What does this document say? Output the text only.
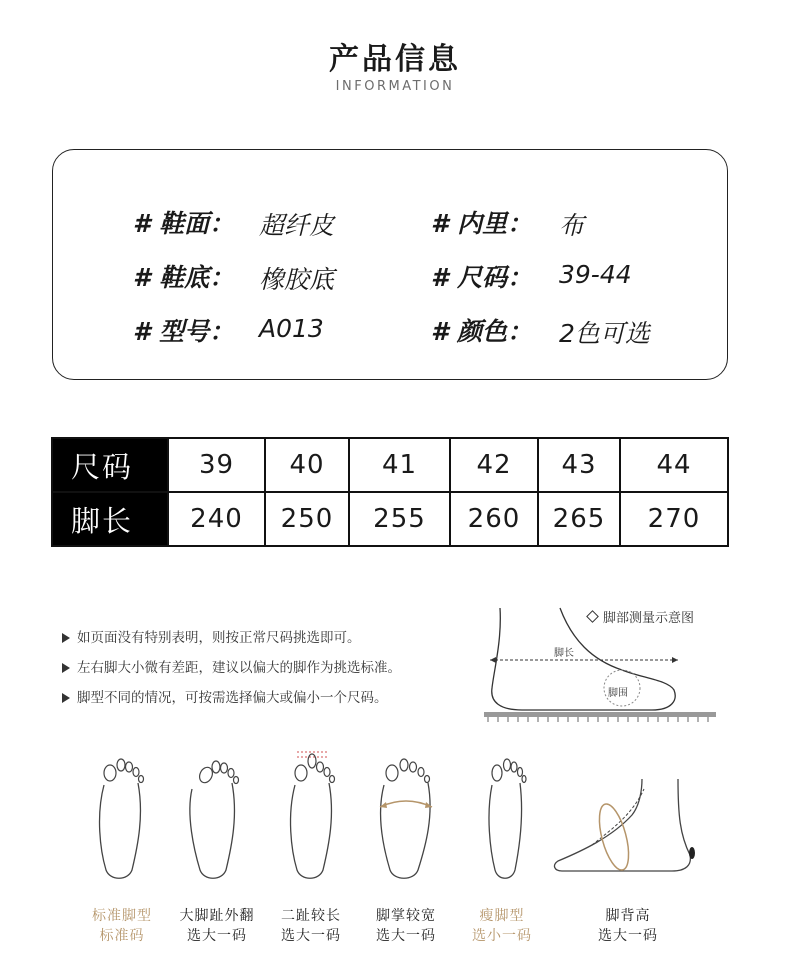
产品信息
INFORMATION
# 鞋面： 超纤皮	# 内里： 布
# 鞋底： 橡胶底	# 尺码： 39-44
# 型号： A013	# 颜色： 2色可选
尺码	39	40	41	42	43	44
脚长	240	250	255	260	265	270
如页面没有特别表明，则按正常尺码挑选即可。
左右脚大小微有差距，建议以偏大的脚作为挑选标准。
脚型不同的情况，可按需选择偏大或偏小一个尺码。
脚部测量示意图
脚长
脚围
标准脚型
标准码
大脚趾外翻
选大一码
二趾较长
选大一码
脚掌较宽
选大一码
瘦脚型
选小一码
脚背高
选大一码
